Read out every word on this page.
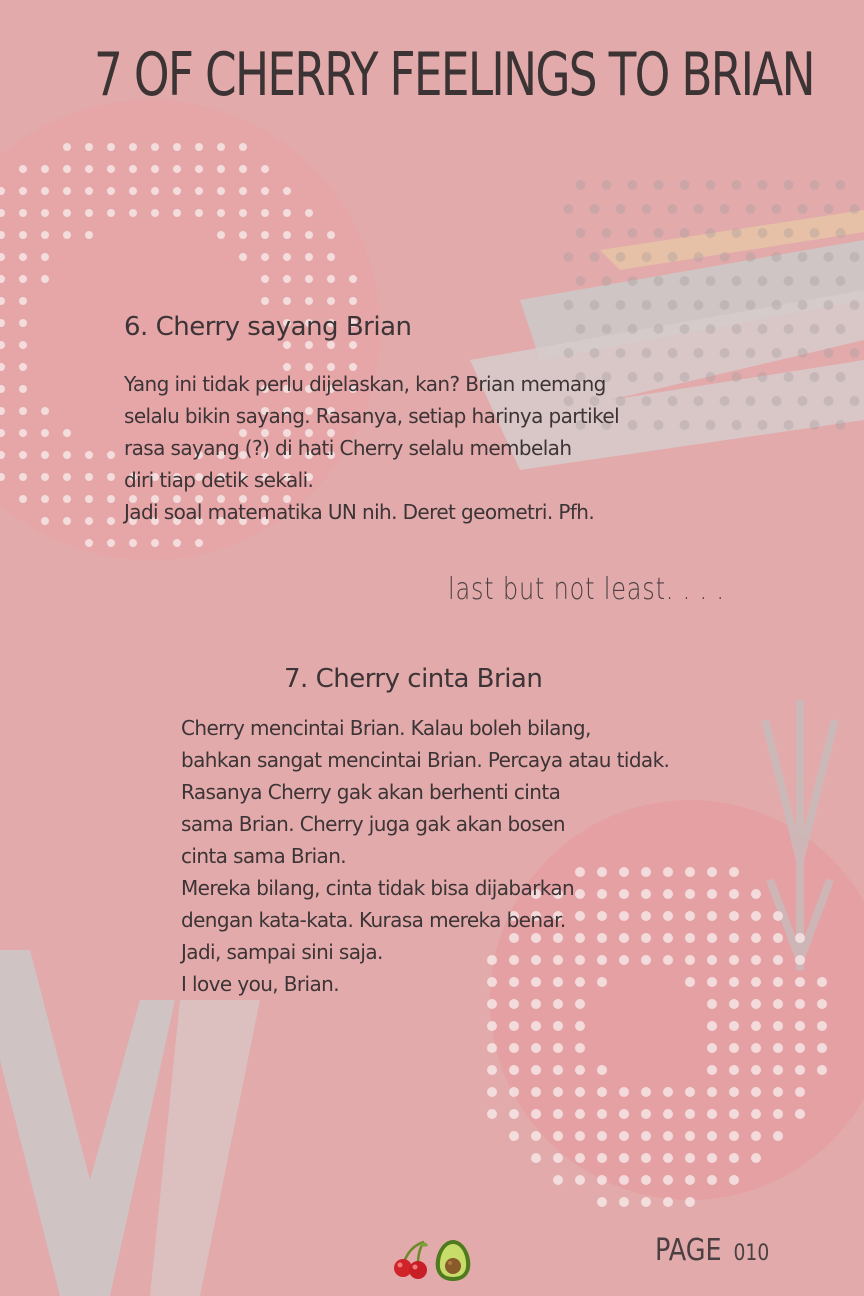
7 OF CHERRY FEELINGS TO BRIAN
6. Cherry sayang Brian
Yang ini tidak perlu dijelaskan, kan? Brian memang
selalu bikin sayang. Rasanya, setiap harinya partikel
rasa sayang (?) di hati Cherry selalu membelah
diri tiap detik sekali.
Jadi soal matematika UN nih. Deret geometri. Pfh.
last but not least. . . .
7. Cherry cinta Brian
Cherry mencintai Brian. Kalau boleh bilang,
bahkan sangat mencintai Brian. Percaya atau tidak.
Rasanya Cherry gak akan berhenti cinta
sama Brian. Cherry juga gak akan bosen
cinta sama Brian.
Mereka bilang, cinta tidak bisa dijabarkan
dengan kata-kata. Kurasa mereka benar.
Jadi, sampai sini saja.
I love you, Brian.
PAGE 010
